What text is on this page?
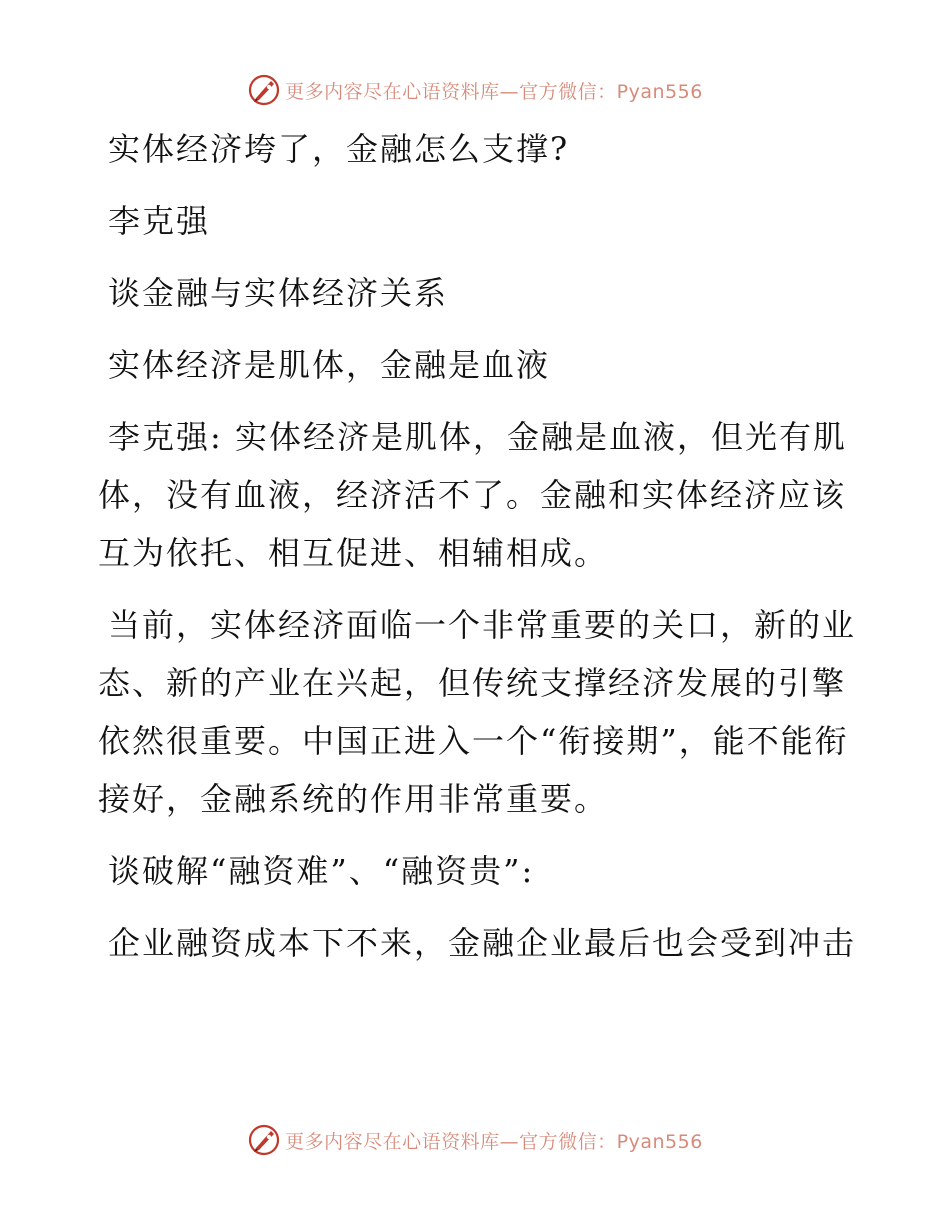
更多内容尽在心语资料库—官方微信：Pyan556

实体经济垮了，金融怎么支撑?

李克强

谈金融与实体经济关系

实体经济是肌体，金融是血液

李克强: 实体经济是肌体，金融是血液，但光有肌体，没有血液，经济活不了。金融和实体经济应该互为依托、相互促进、相辅相成。

当前，实体经济面临一个非常重要的关口，新的业态、新的产业在兴起，但传统支撑经济发展的引擎依然很重要。中国正进入一个“衔接期”，能不能衔接好，金融系统的作用非常重要。

谈破解“融资难”、“融资贵”:

企业融资成本下不来，金融企业最后也会受到冲击

更多内容尽在心语资料库—官方微信：Pyan556
